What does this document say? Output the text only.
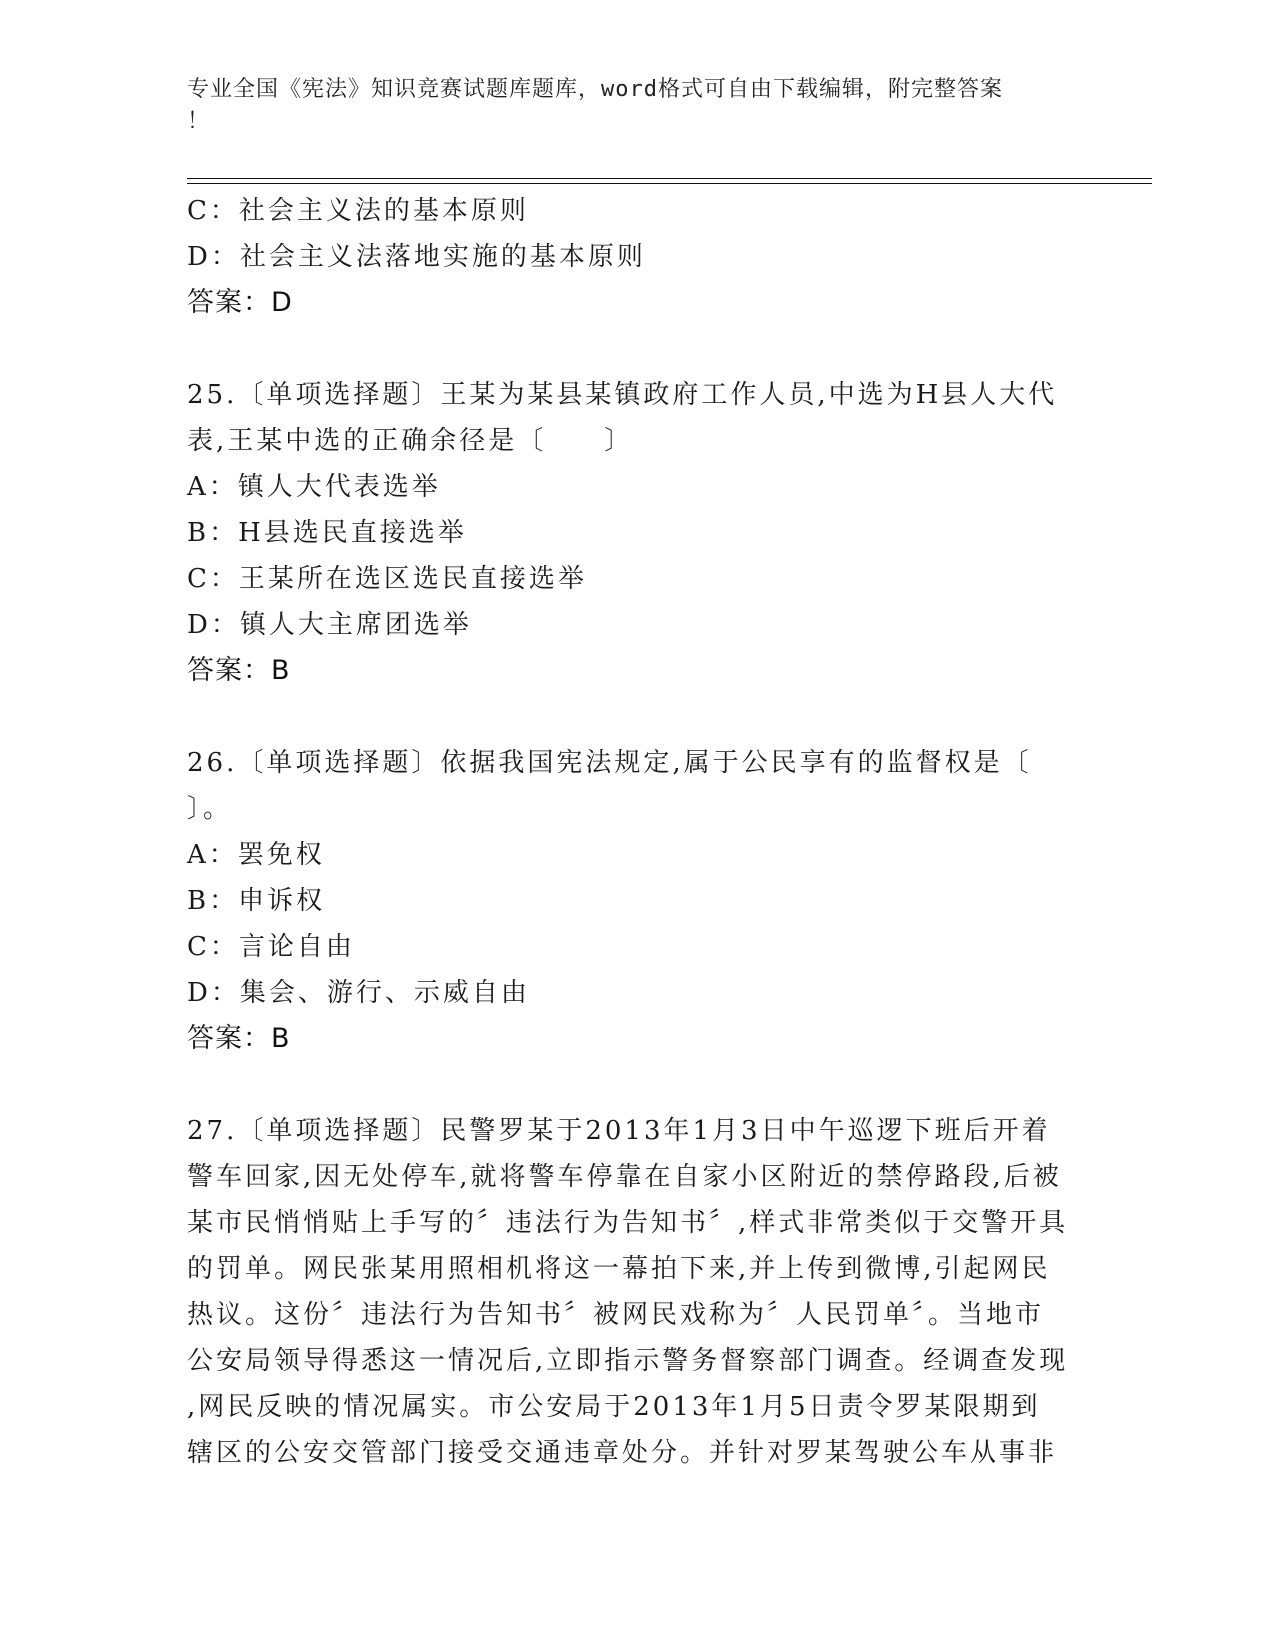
专业全国《宪法》知识竞赛试题库题库，word格式可自由下载编辑，附完整答案
！
C：社会主义法的基本原则
D：社会主义法落地实施的基本原则
答案：D
25.〔单项选择题〕王某为某县某镇政府工作人员,中选为H县人大代
表,王某中选的正确余径是〔　　〕
A：镇人大代表选举
B：H县选民直接选举
C：王某所在选区选民直接选举
D：镇人大主席团选举
答案：B
26.〔单项选择题〕依据我国宪法规定,属于公民享有的监督权是〔
〕。
A：罢免权
B：申诉权
C：言论自由
D：集会、游行、示威自由
答案：B
27.〔单项选择题〕民警罗某于2013年1月3日中午巡逻下班后开着
警车回家,因无处停车,就将警车停靠在自家小区附近的禁停路段,后被
某市民悄悄贴上手写的〞违法行为告知书〞,样式非常类似于交警开具
的罚单。网民张某用照相机将这一幕拍下来,并上传到微博,引起网民
热议。这份〞违法行为告知书〞被网民戏称为〞人民罚单〞。当地市
公安局领导得悉这一情况后,立即指示警务督察部门调查。经调查发现
,网民反映的情况属实。市公安局于2013年1月5日责令罗某限期到
辖区的公安交管部门接受交通违章处分。并针对罗某驾驶公车从事非
